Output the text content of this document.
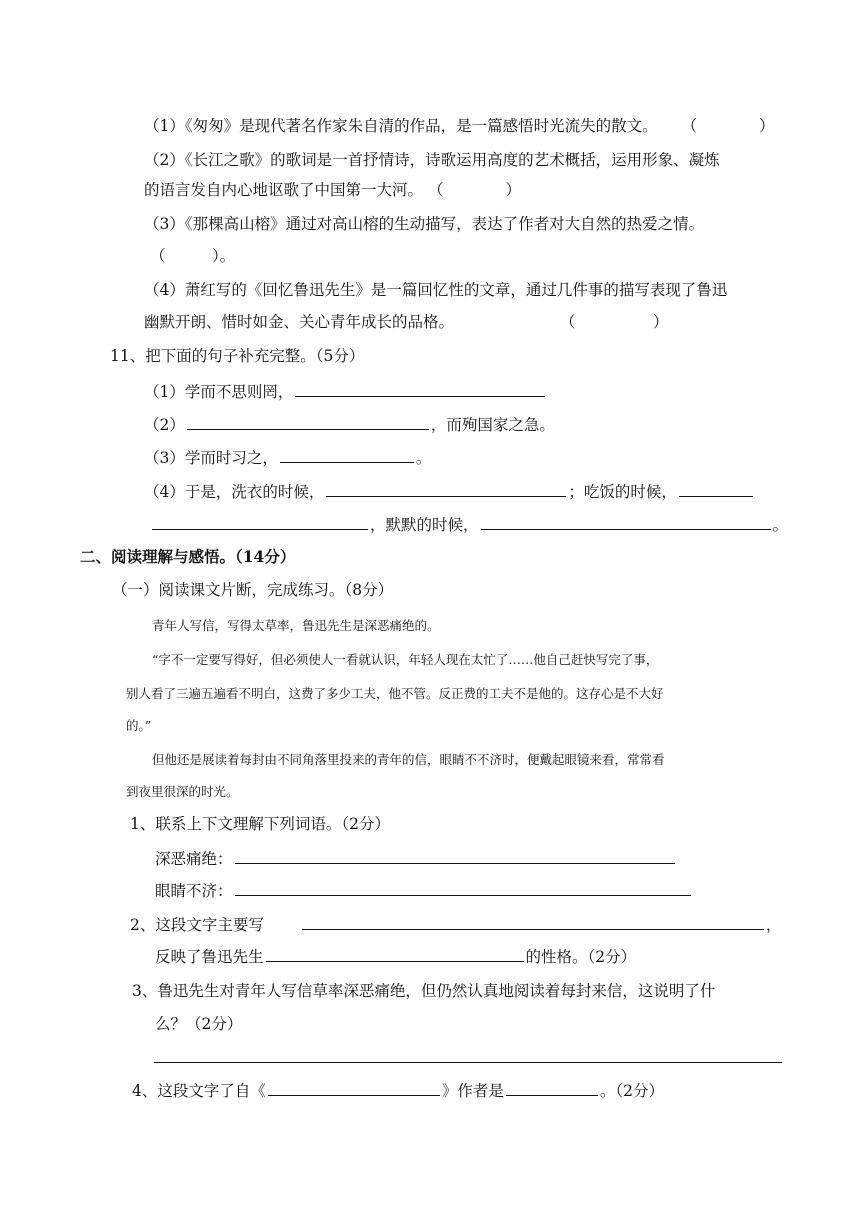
（1）《匆匆》是现代著名作家朱自清的作品，是一篇感悟时光流失的散文。 （　　　　）
（2）《长江之歌》的歌词是一首抒情诗，诗歌运用高度的艺术概括，运用形象、凝炼
的语言发自内心地讴歌了中国第一大河。 （　　　　）
（3）《那棵高山榕》通过对高山榕的生动描写，表达了作者对大自然的热爱之情。
（　　　）。
（4）萧红写的《回忆鲁迅先生》是一篇回忆性的文章，通过几件事的描写表现了鲁迅
幽默开朗、惜时如金、关心青年成长的品格。	（　　　　　）
11、把下面的句子补充完整。（5分）
（1）学而不思则罔，
（2）	，而殉国家之急。
（3）学而时习之，	。
（4）于是，洗衣的时候，	；吃饭的时候，
，默默的时候，	。
二、阅读理解与感悟。（14分）
（一）阅读课文片断，完成练习。（8分）
青年人写信，写得太草率，鲁迅先生是深恶痛绝的。
“字不一定要写得好，但必须使人一看就认识，年轻人现在太忙了……他自己赶快写完了事，
别人看了三遍五遍看不明白，这费了多少工夫，他不管。反正费的工夫不是他的。这存心是不大好
的。”
但他还是展读着每封由不同角落里投来的青年的信，眼睛不不济时，便戴起眼镜来看，常常看
到夜里很深的时光。
1、联系上下文理解下列词语。（2分）
深恶痛绝：
眼睛不济：
2、这段文字主要写	，
反映了鲁迅先生	的性格。（2分）
3、鲁迅先生对青年人写信草率深恶痛绝，但仍然认真地阅读着每封来信，这说明了什
么？（2分）
4、这段文字了自《	》作者是	。（2分）
